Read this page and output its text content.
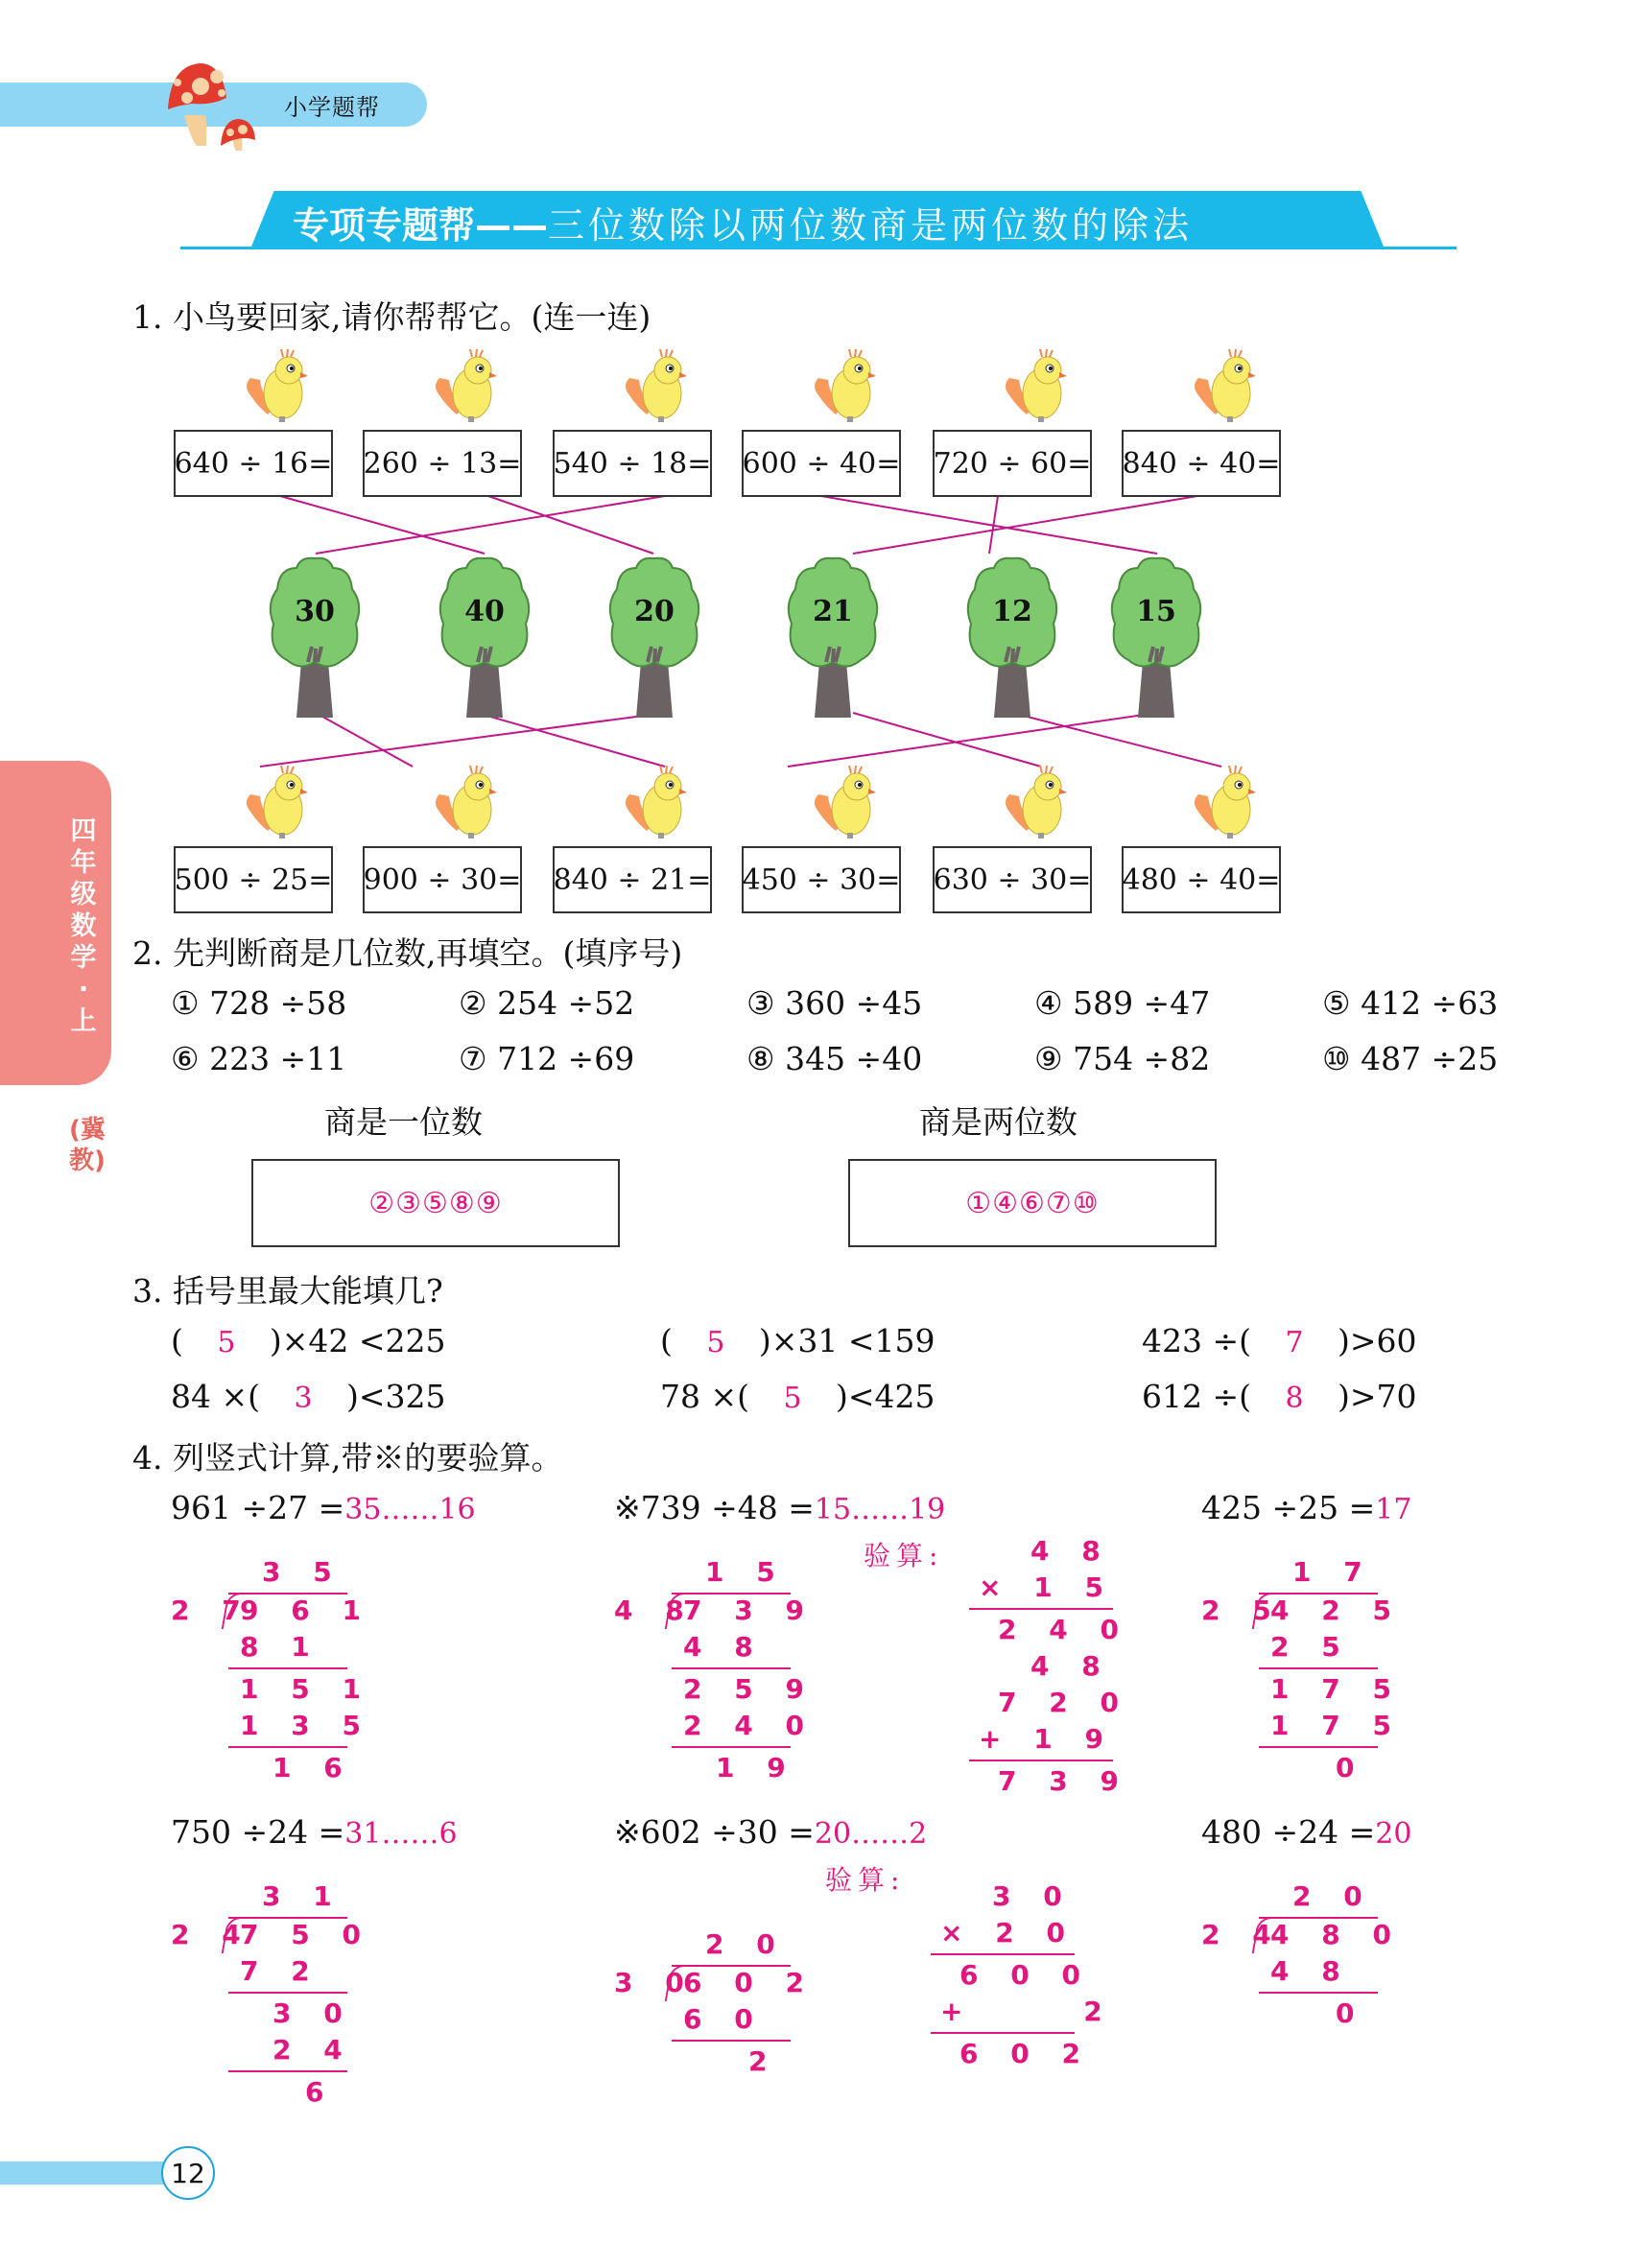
小学题帮
专项专题帮——三位数除以两位数商是两位数的除法
四年级数学·上
(冀教)
1. 小鸟要回家,请你帮帮它。(连一连)
640 ÷ 16= 260 ÷ 13= 540 ÷ 18= 600 ÷ 40= 720 ÷ 60= 840 ÷ 40=
30	40	20	21	12	15
500 ÷ 25= 900 ÷ 30= 840 ÷ 21= 450 ÷ 30= 630 ÷ 30= 480 ÷ 40=
2. 先判断商是几位数,再填空。(填序号)
① 728 ÷58	② 254 ÷52	③ 360 ÷45	④ 589 ÷47	⑤ 412 ÷63
⑥ 223 ÷11	⑦ 712 ÷69	⑧ 345 ÷40	⑨ 754 ÷82	⑩ 487 ÷25
商是一位数	商是两位数
②③⑤⑧⑨	①④⑥⑦⑩
3. 括号里最大能填几?
( 5 )×42 <225	( 5 )×31 <159	423 ÷( 7 )>60
84 ×( 3 )<325	78 ×( 5 )<425	612 ÷( 8 )>70
4. 列竖式计算,带※的要验算。
961 ÷27 =35……16
3 5
2 7
9 6 1
8 1
1 5 1
1 3 5
1 6
※739 ÷48 =15……19
1 5
4 8
7 3 9
4 8
2 5 9
2 4 0
1 9
验算:	4 8
× 1 5
2 4 0
4 8
7 2 0
+ 1 9
7 3 9
425 ÷25 =17
1 7
2 5
4 2 5
2 5
1 7 5
1 7 5
0
750 ÷24 =31……6
3 1
2 4
7 5 0
7 2
3 0
2 4
6
※602 ÷30 =20……2
2 0
3 0
6 0 2
6 0
2
验算:
3 0
× 2 0
6 0 0
+ 2
6 0 2
480 ÷24 =20
2 0
2 4
4 8 0
4 8
0
12
